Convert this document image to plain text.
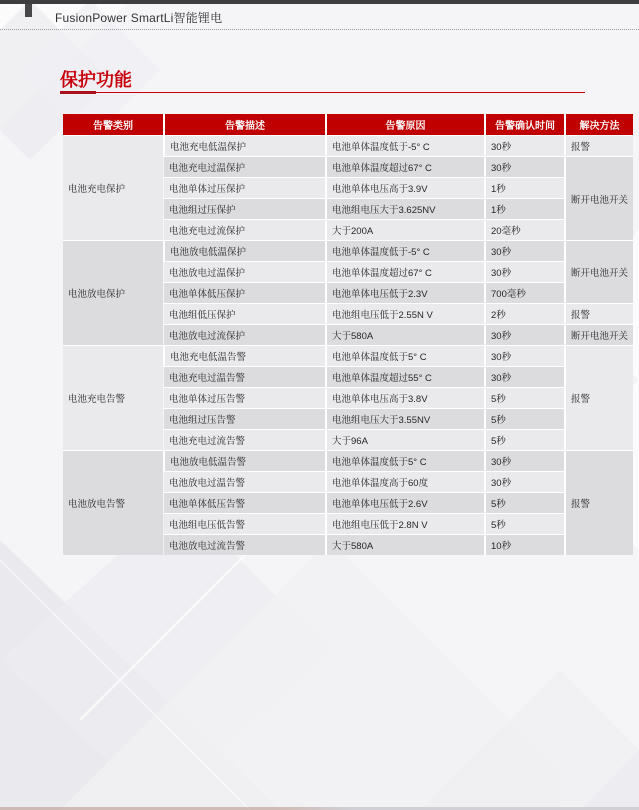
FusionPower SmartLi智能锂电
保护功能
告警类别	告警描述	告警原因	告警确认时间	解决方法
电池充电保护	电池充电低温保护	电池单体温度低于-5° C	30秒	报警
	电池充电过温保护	电池单体温度超过67° C	30秒	断开电池开关
	电池单体过压保护	电池单体电压高于3.9V	1秒	
	电池组过压保护	电池组电压大于3.625NV	1秒	
	电池充电过流保护	大于200A	20毫秒	
电池放电保护	电池放电低温保护	电池单体温度低于-5° C	30秒	断开电池开关
	电池放电过温保护	电池单体温度超过67° C	30秒	
	电池单体低压保护	电池单体电压低于2.3V	700毫秒	
	电池组低压保护	电池组电压低于2.55N V	2秒	报警
	电池放电过流保护	大于580A	30秒	断开电池开关
电池充电告警	电池充电低温告警	电池单体温度低于5° C	30秒	报警
	电池充电过温告警	电池单体温度超过55° C	30秒	
	电池单体过压告警	电池单体电压高于3.8V	5秒	
	电池组过压告警	电池组电压大于3.55NV	5秒	
	电池充电过流告警	大于96A	5秒	
电池放电告警	电池放电低温告警	电池单体温度低于5° C	30秒	报警
	电池放电过温告警	电池单体温度高于60度	30秒	
	电池单体低压告警	电池单体电压低于2.6V	5秒	
	电池组电压低告警	电池组电压低于2.8N V	5秒	
	电池放电过流告警	大于580A	10秒	
